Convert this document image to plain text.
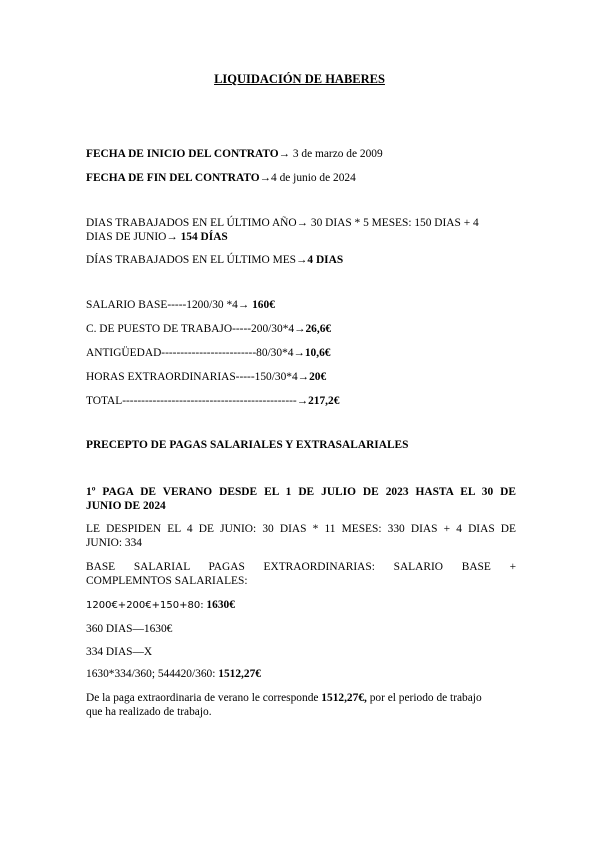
LIQUIDACIÓN DE HABERES
FECHA DE INICIO DEL CONTRATO→ 3 de marzo de 2009
FECHA DE FIN DEL CONTRATO→4 de junio de 2024
DIAS TRABAJADOS EN EL ÚLTIMO AÑO→ 30 DIAS * 5 MESES: 150 DIAS + 4
DIAS DE JUNIO→ 154 DÍAS
DÍAS TRABAJADOS EN EL ÚLTIMO MES→4 DIAS
SALARIO BASE-----1200/30 *4→ 160€
C. DE PUESTO DE TRABAJO-----200/30*4→26,6€
ANTIGÜEDAD-------------------------80/30*4→10,6€
HORAS EXTRAORDINARIAS-----150/30*4→20€
TOTAL----------------------------------------------→217,2€
PRECEPTO DE PAGAS SALARIALES Y EXTRASALARIALES
1º PAGA DE VERANO DESDE EL 1 DE JULIO DE 2023 HASTA EL 30 DE
JUNIO DE 2024
LE DESPIDEN EL 4 DE JUNIO: 30 DIAS * 11 MESES: 330 DIAS + 4 DIAS DE
JUNIO: 334
BASE SALARIAL PAGAS EXTRAORDINARIAS: SALARIO BASE +
COMPLEMNTOS SALARIALES:
1200€+200€+150+80: 1630€
360 DIAS—1630€
334 DIAS—X
1630*334/360; 544420/360: 1512,27€
De la paga extraordinaria de verano le corresponde 1512,27€, por el periodo de trabajo
que ha realizado de trabajo.
